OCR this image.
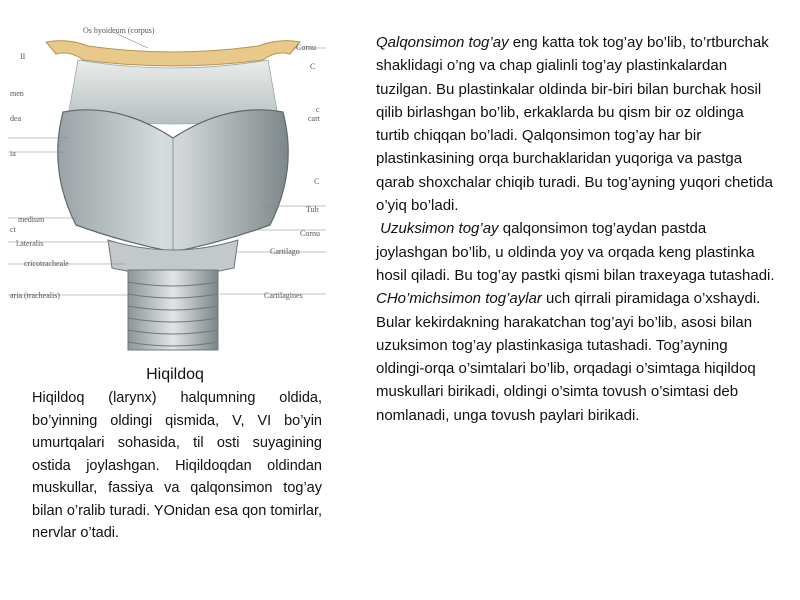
Os hyoideum (corpus)
Cornu
C
c
cart
C
Tub
Cornu
Cartilago
Cartilagines
II
men
dea
ia
medium
ct
l.ateralis
cricotracheale
aria (trachealis)
Hiqildoq
Hiqildoq (larynx) halqumning oldida, bo’yinning oldingi qismida, V, VI bo’yin umurtqalari sohasida, til osti suyagining ostida joylashgan. Hiqildoqdan oldindan muskullar, fassiya va qalqonsimon tog’ay bilan o’ralib turadi. YOnidan esa qon tomirlar, nervlar o’tadi.

Qalqonsimon tog’ay eng katta tok tog’ay bo’lib, to’rtburchak shaklidagi o’ng va chap gialinli tog’ay plastinkalardan tuzilgan. Bu plastinkalar oldinda bir-biri bilan burchak hosil qilib birlashgan bo’lib, erkaklarda bu qism bir oz oldinga turtib chiqqan bo’ladi. Qalqonsimon tog’ay har bir plastinkasining orqa burchaklaridan yuqoriga va pastga qarab shoxchalar chiqib turadi. Bu tog’ayning yuqori chetida o’yiq bo’ladi.

Uzuksimon tog’ay qalqonsimon tog’aydan pastda joylashgan bo’lib, u oldinda yoy va orqada keng plastinka hosil qiladi. Bu tog’ay pastki qismi bilan traxeyaga tutashadi.

CHo’michsimon tog’aylar uch qirrali piramidaga o’xshaydi. Bular kekirdakning harakatchan tog’ayi bo’lib, asosi bilan uzuksimon tog’ay plastinkasiga tutashadi. Tog’ayning oldingi-orqa o’simtalari bo’lib, orqadagi o’simtaga hiqildoq muskullari birikadi, oldingi o’simta tovush o’simtasi deb nomlanadi, unga tovush paylari birikadi.
